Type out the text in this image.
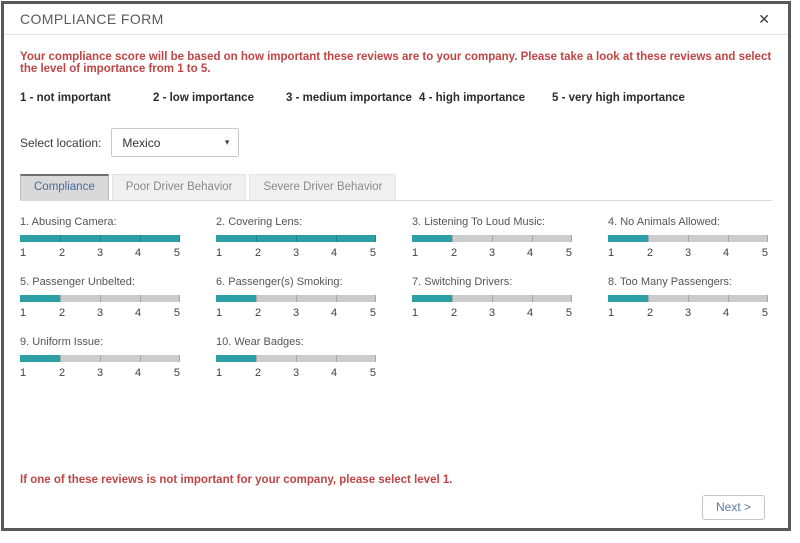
COMPLIANCE FORM	✕
Your compliance score will be based on how important these reviews are to your company. Please take a look at these reviews and select the level of importance from 1 to 5.
1 - not important	2 - low importance	3 - medium importance 4 - high importance	5 - very high importance
Select location: Mexico	▾
Compliance	Poor Driver Behavior	Severe Driver Behavior
1. Abusing Camera:
1	2	3	4	5
2. Covering Lens:
1	2	3	4	5
3. Listening To Loud Music:
1	2	3	4	5
4. No Animals Allowed:
1	2	3	4	5
5. Passenger Unbelted:
1	2	3	4	5
6. Passenger(s) Smoking:
1	2	3	4	5
7. Switching Drivers:
1	2	3	4	5
8. Too Many Passengers:
1	2	3	4	5
9. Uniform Issue:
1	2	3	4	5
10. Wear Badges:
1	2	3	4	5
If one of these reviews is not important for your company, please select level 1.
Next >
